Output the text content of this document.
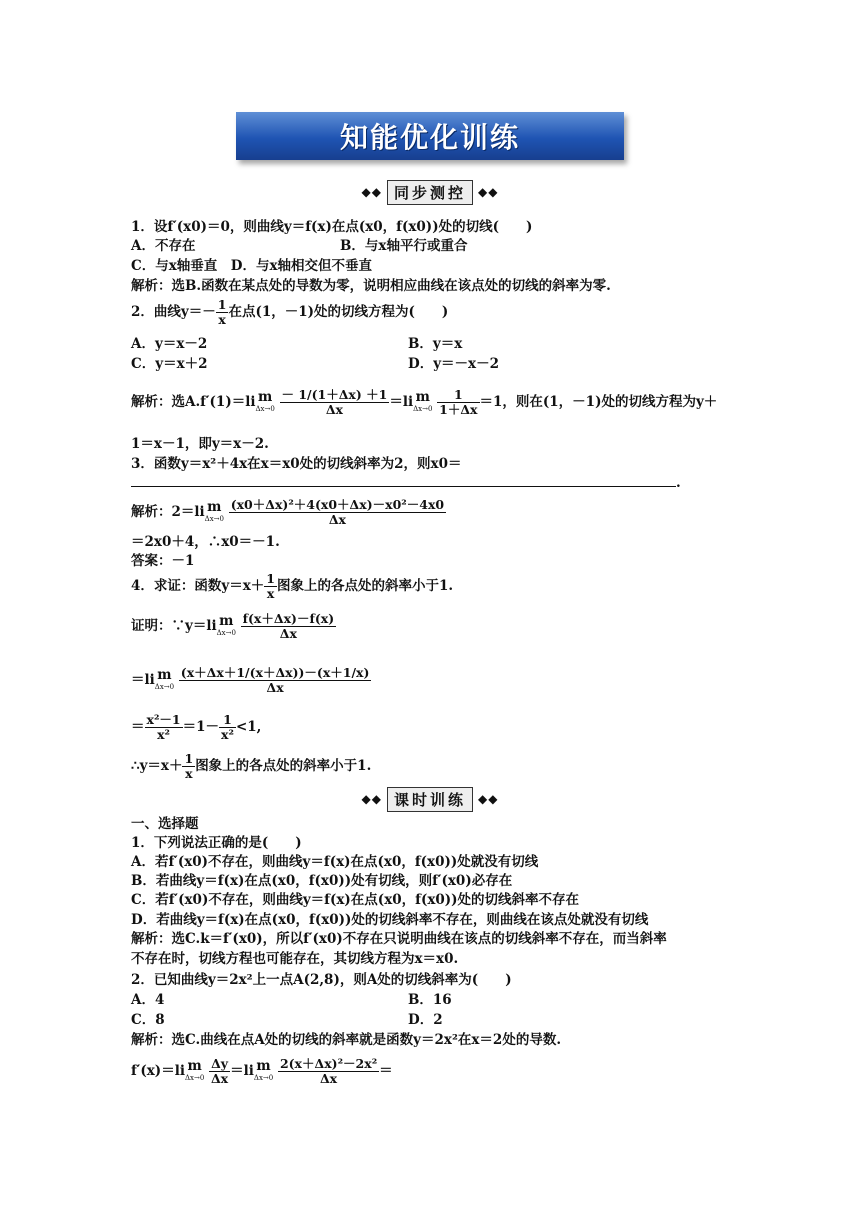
知能优化训练
◆◆ 同步测控	◆◆
1．设f′(x0)＝0，则曲线y＝f(x)在点(x0，f(x0))处的切线(　　)
A．不存在	B．与x轴平行或重合
C．与x轴垂直　D．与x轴相交但不垂直
解析：选B.函数在某点处的导数为零，说明相应曲线在该点处的切线的斜率为零.
2．曲线$y=- \frac{1}{x}$ 在点(1，－1)处的切线方程为(　　)
A．y＝x－2	B．y＝x
C．y＝x＋2	D．y＝－x－2
解析：选A.f′(1)＝li m
Δx→0
$\frac{- 1/(1+\Delta x) +1}{\Delta x} =li$ m
Δx→0
$\frac{1}{1+\Delta x} =1$，则在(1，－1)处的切线方程为y＋
1＝x－1，即y＝x－2.
3．函数y＝x²＋4x在x＝x0处的切线斜率为2，则x0＝
.
解析：2＝li m
Δx→0
$\frac{\text{(x0＋Δx)²＋4(x0＋Δx)－x0²－4x0}}{\Delta x}$
＝2x0＋4，∴x0＝－1.
答案：－1
4．求证：函数$y=x+ \frac{1}{x}$ 图象上的各点处的斜率小于1.
证明：∵y＝li m
Δx→0
$\frac{f(x+\Delta x)-f(x)}{\Delta x}$
＝li m
Δx→0
$\frac{(x+\Delta x+1/(x+\Delta x))-(x+1/x)}{\Delta x}$
＝ $\frac{\text{x²－1}}{\text{x²}} =1- \frac{1}{\text{x²}} <1$,
∴y＝x＋ $\frac{1}{x}$ 图象上的各点处的斜率小于1.
◆◆ 课时训练	◆◆
一、选择题
1．下列说法正确的是(　　)
A．若f′(x0)不存在，则曲线y＝f(x)在点(x0，f(x0))处就没有切线
B．若曲线y＝f(x)在点(x0，f(x0))处有切线，则f′(x0)必存在
C．若f′(x0)不存在，则曲线y＝f(x)在点(x0，f(x0))处的切线斜率不存在
D．若曲线y＝f(x)在点(x0，f(x0))处的切线斜率不存在，则曲线在该点处就没有切线
解析：选C.k＝f′(x0)，所以f′(x0)不存在只说明曲线在该点的切线斜率不存在，而当斜率
不存在时，切线方程也可能存在，其切线方程为x＝x0.
2．已知曲线y＝2x²上一点A(2,8)，则A处的切线斜率为(　　)
A．4	B．16
C．8	D．2
解析：选C.曲线在点A处的切线的斜率就是函数y＝2x²在x＝2处的导数.
f′(x)＝li m
Δx→0
$\frac{\Delta y}{\Delta x} =li$ m
Δx→0
$\frac{\text{2(x＋Δx)²－2x²}}{\Delta x}$ ＝
